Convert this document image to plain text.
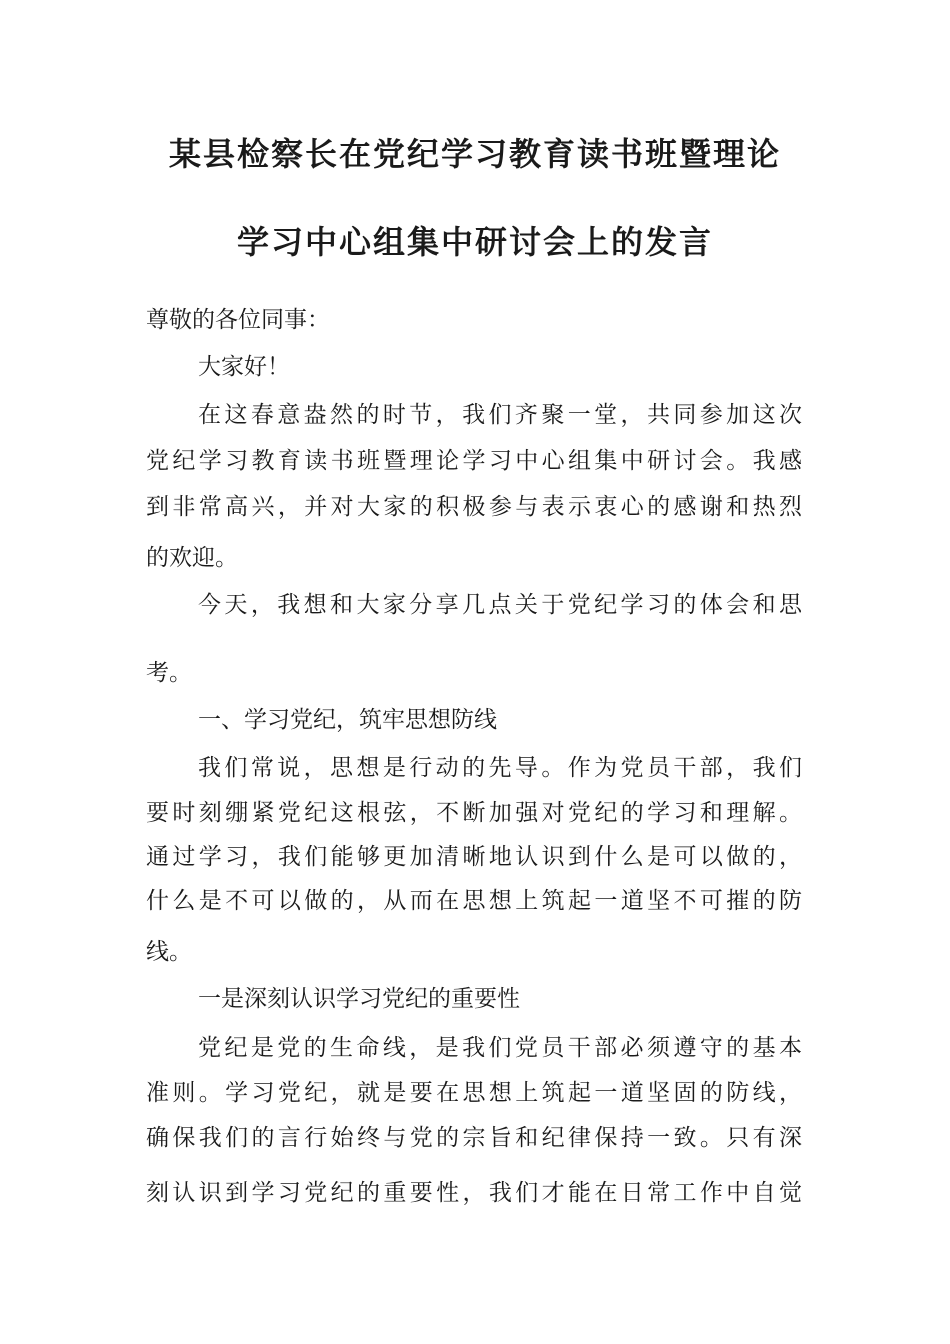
某县检察长在党纪学习教育读书班暨理论
学习中心组集中研讨会上的发言
尊敬的各位同事：
大家好！
在这春意盎然的时节，我们齐聚一堂，共同参加这次
党纪学习教育读书班暨理论学习中心组集中研讨会。我感
到非常高兴，并对大家的积极参与表示衷心的感谢和热烈
的欢迎。
今天，我想和大家分享几点关于党纪学习的体会和思
考。
一、学习党纪，筑牢思想防线
我们常说，思想是行动的先导。作为党员干部，我们
要时刻绷紧党纪这根弦，不断加强对党纪的学习和理解。
通过学习，我们能够更加清晰地认识到什么是可以做的，
什么是不可以做的，从而在思想上筑起一道坚不可摧的防
线。
一是深刻认识学习党纪的重要性
党纪是党的生命线，是我们党员干部必须遵守的基本
准则。学习党纪，就是要在思想上筑起一道坚固的防线，
确保我们的言行始终与党的宗旨和纪律保持一致。只有深
刻认识到学习党纪的重要性，我们才能在日常工作中自觉
